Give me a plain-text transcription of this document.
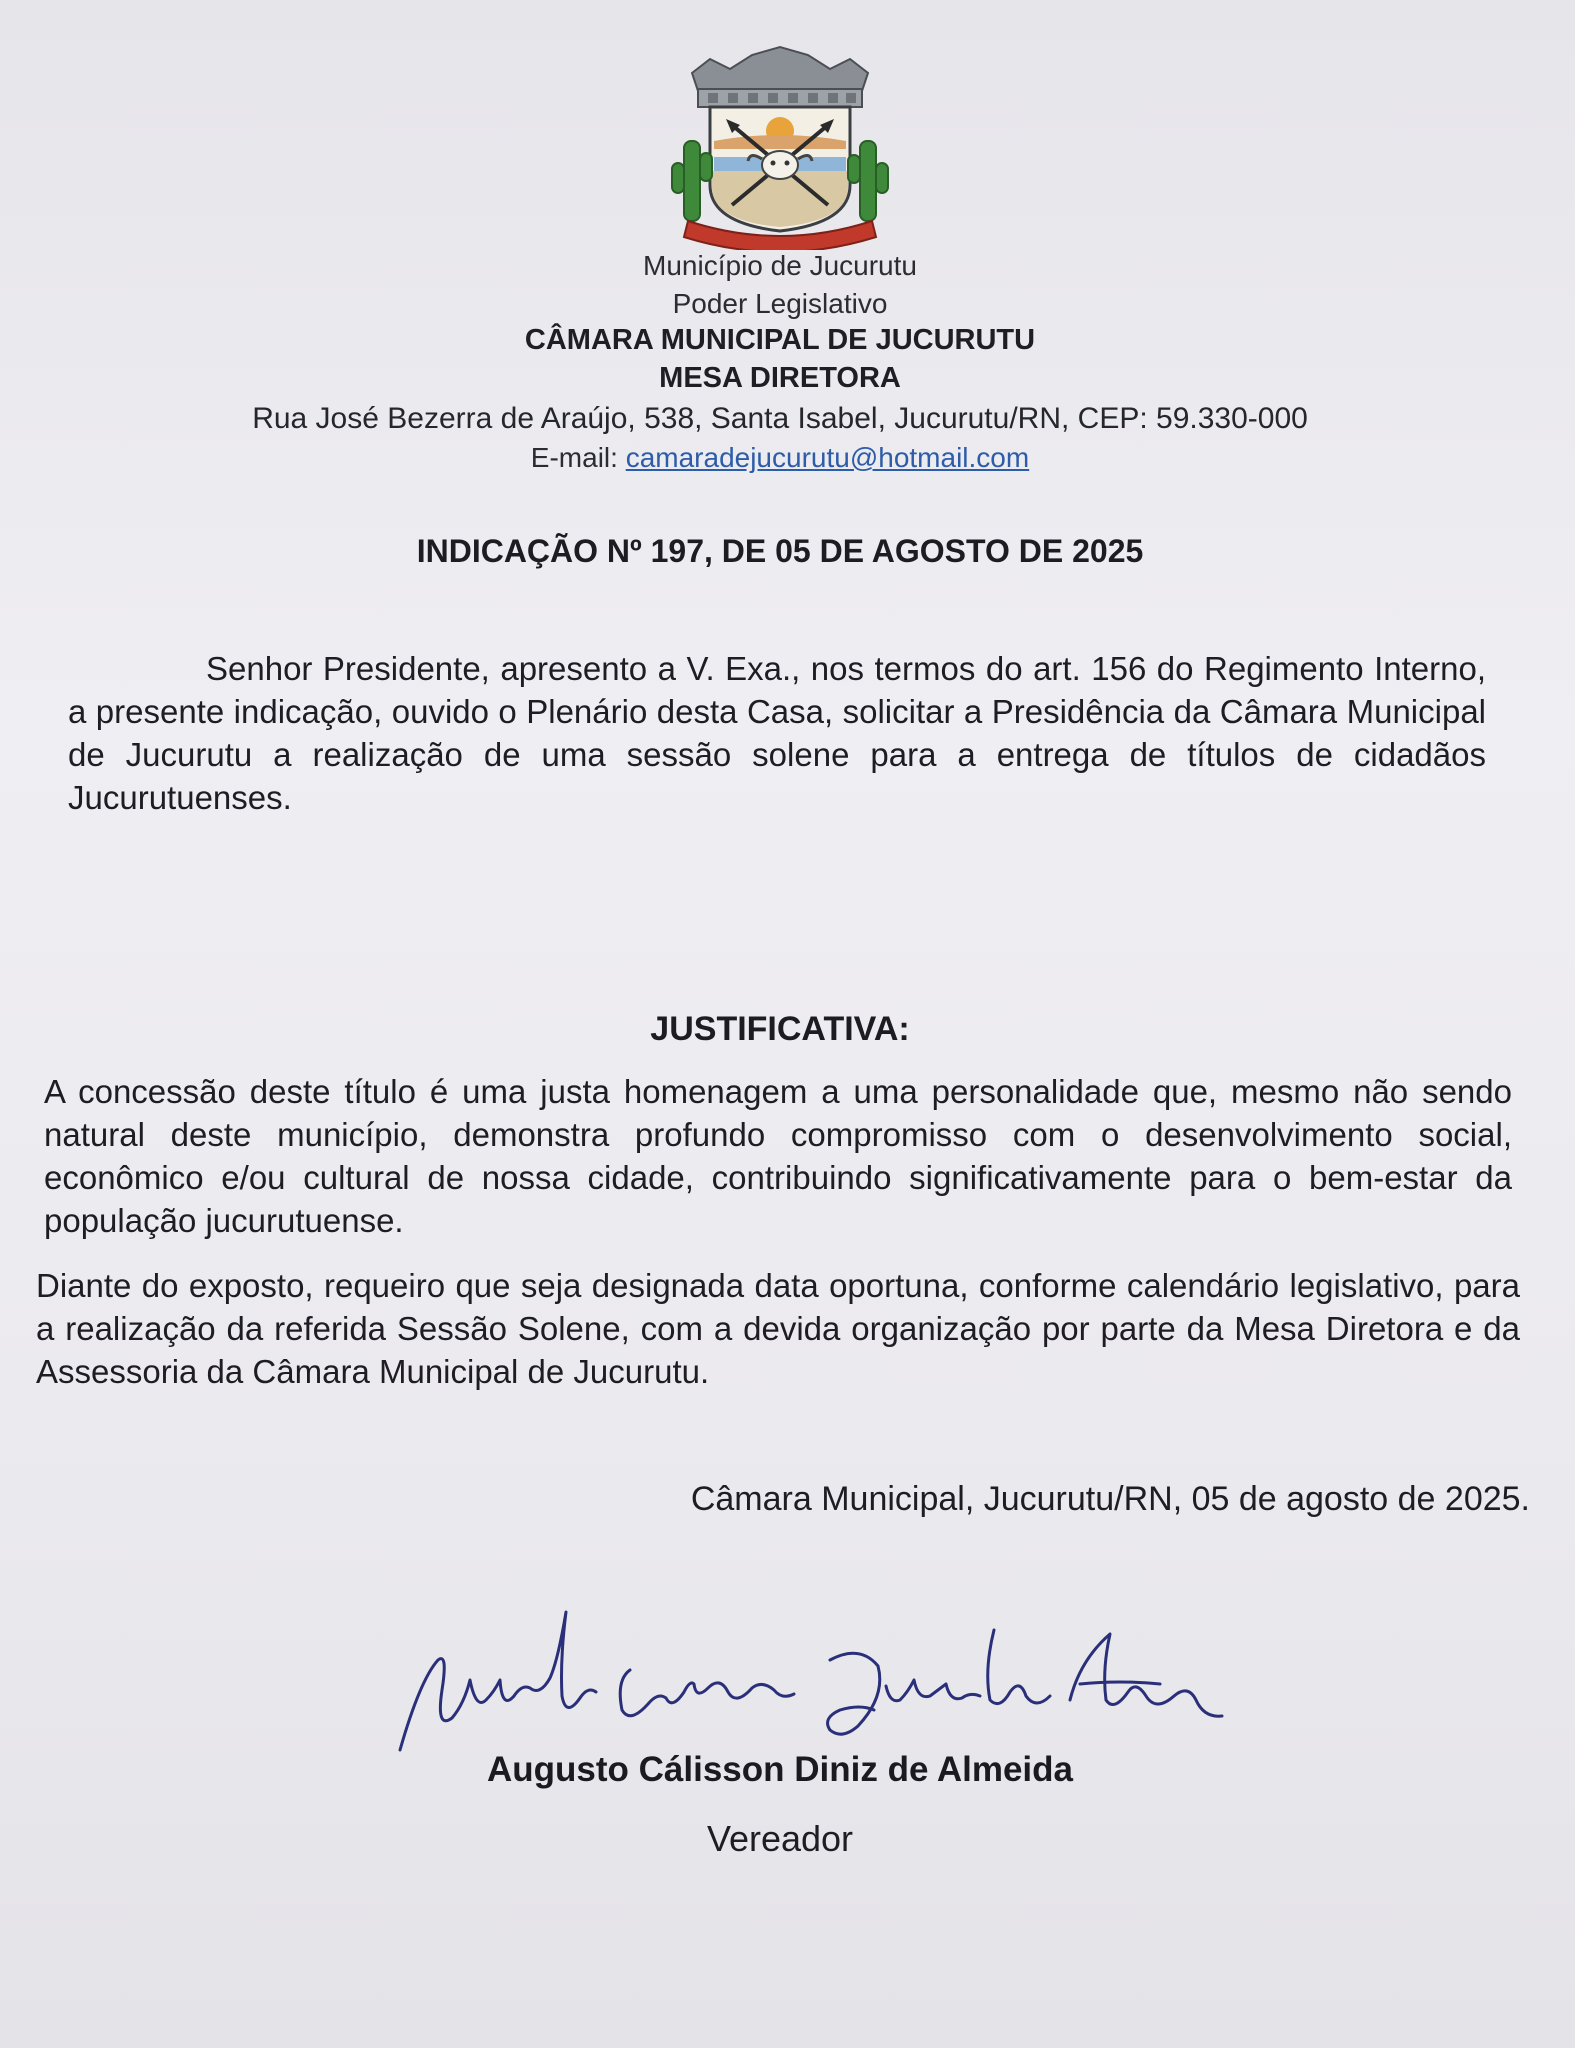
Município de Jucurutu
Poder Legislativo
CÂMARA MUNICIPAL DE JUCURUTU
MESA DIRETORA
Rua José Bezerra de Araújo, 538, Santa Isabel, Jucurutu/RN, CEP: 59.330-000
E-mail: camaradejucurutu@hotmail.com
INDICAÇÃO Nº 197, DE 05 DE AGOSTO DE 2025
Senhor Presidente, apresento a V. Exa., nos termos do art. 156 do Regimento Interno, a presente indicação, ouvido o Plenário desta Casa, solicitar a Presidência da Câmara Municipal de Jucurutu a realização de uma sessão solene para a entrega de títulos de cidadãos Jucurutuenses.
JUSTIFICATIVA:
A concessão deste título é uma justa homenagem a uma personalidade que, mesmo não sendo natural deste município, demonstra profundo compromisso com o desenvolvimento social, econômico e/ou cultural de nossa cidade, contribuindo significativamente para o bem-estar da população jucurutuense.
Diante do exposto, requeiro que seja designada data oportuna, conforme calendário legislativo, para a realização da referida Sessão Solene, com a devida organização por parte da Mesa Diretora e da Assessoria da Câmara Municipal de Jucurutu.
Câmara Municipal, Jucurutu/RN, 05 de agosto de 2025.
Augusto Cálisson Diniz de Almeida
Vereador
